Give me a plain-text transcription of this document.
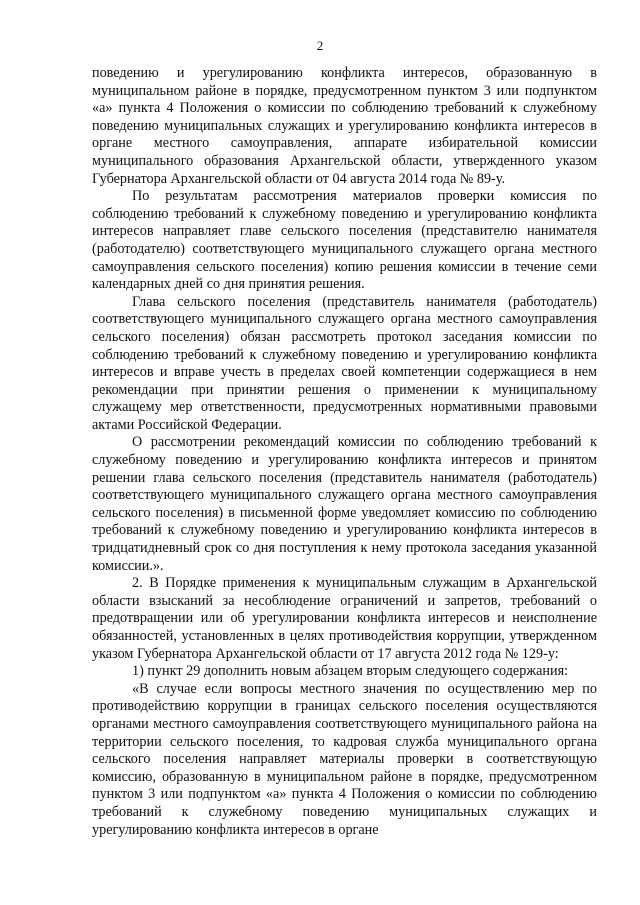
2

поведению и урегулированию конфликта интересов, образованную в муниципальном районе в порядке, предусмотренном пунктом 3 или подпунктом «а» пункта 4 Положения о комиссии по соблюдению требований к служебному поведению муниципальных служащих и урегулированию конфликта интересов в органе местного самоуправления, аппарате избирательной комиссии муниципального образования Архангельской области, утвержденного указом Губернатора Архангельской области от 04 августа 2014 года № 89-у.

По результатам рассмотрения материалов проверки комиссия по соблюдению требований к служебному поведению и урегулированию конфликта интересов направляет главе сельского поселения (представителю нанимателя (работодателю) соответствующего муниципального служащего органа местного самоуправления сельского поселения) копию решения комиссии в течение семи календарных дней со дня принятия решения.

Глава сельского поселения (представитель нанимателя (работодатель) соответствующего муниципального служащего органа местного самоуправления сельского поселения) обязан рассмотреть протокол заседания комиссии по соблюдению требований к служебному поведению и урегулированию конфликта интересов и вправе учесть в пределах своей компетенции содержащиеся в нем рекомендации при принятии решения о применении к муниципальному служащему мер ответственности, предусмотренных нормативными правовыми актами Российской Федерации.

О рассмотрении рекомендаций комиссии по соблюдению требований к служебному поведению и урегулированию конфликта интересов и принятом решении глава сельского поселения (представитель нанимателя (работодатель) соответствующего муниципального служащего органа местного самоуправления сельского поселения) в письменной форме уведомляет комиссию по соблюдению требований к служебному поведению и урегулированию конфликта интересов в тридцатидневный срок со дня поступления к нему протокола заседания указанной комиссии.».

2. В Порядке применения к муниципальным служащим в Архангельской области взысканий за несоблюдение ограничений и запретов, требований о предотвращении или об урегулировании конфликта интересов и неисполнение обязанностей, установленных в целях противодействия коррупции, утвержденном указом Губернатора Архангельской области от 17 августа 2012 года № 129-у:

1) пункт 29 дополнить новым абзацем вторым следующего содержания:

«В случае если вопросы местного значения по осуществлению мер по противодействию коррупции в границах сельского поселения осуществляются органами местного самоуправления соответствующего муниципального района на территории сельского поселения, то кадровая служба муниципального органа сельского поселения направляет материалы проверки в соответствующую комиссию, образованную в муниципальном районе в порядке, предусмотренном пунктом 3 или подпунктом «а» пункта 4 Положения о комиссии по соблюдению требований к служебному поведению муниципальных служащих и урегулированию конфликта интересов в органе
